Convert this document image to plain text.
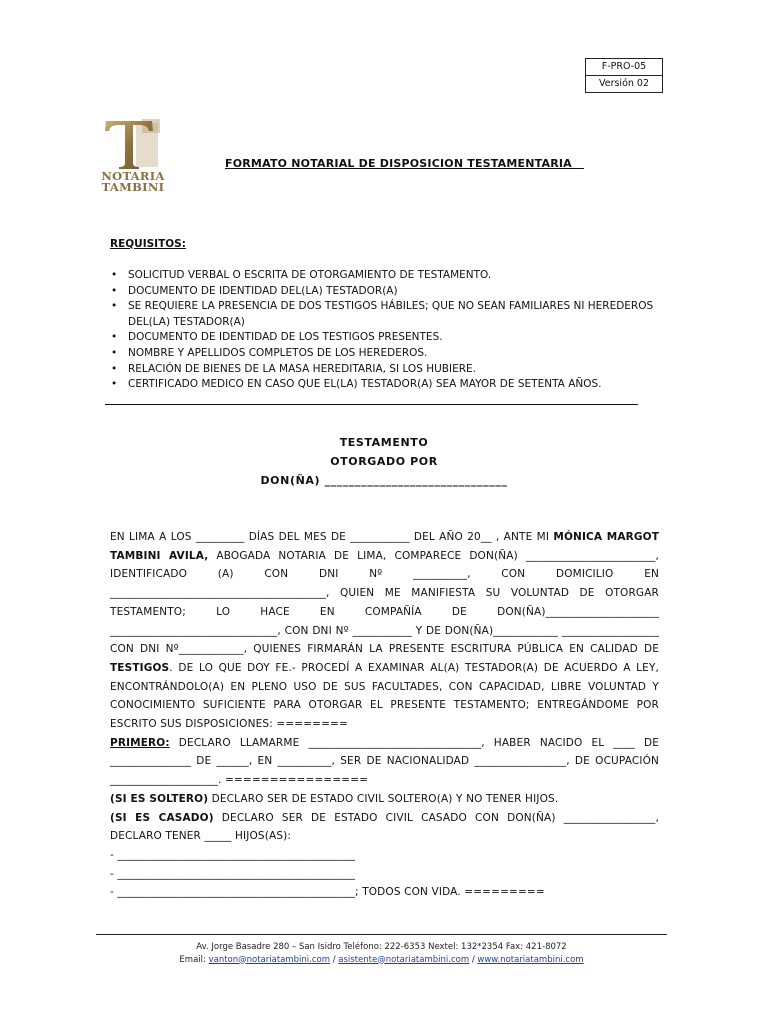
F-PRO-05
Versión 02
NOTARIA
TAMBINI
FORMATO NOTARIAL DE DISPOSICION TESTAMENTARIA
REQUISITOS:
• SOLICITUD VERBAL O ESCRITA DE OTORGAMIENTO DE TESTAMENTO.
• DOCUMENTO DE IDENTIDAD DEL(LA) TESTADOR(A)
• SE REQUIERE LA PRESENCIA DE DOS TESTIGOS HÁBILES; QUE NO SEAN FAMILIARES NI HEREDEROS DEL(LA) TESTADOR(A)
• DOCUMENTO DE IDENTIDAD DE LOS TESTIGOS PRESENTES.
• NOMBRE Y APELLIDOS COMPLETOS DE LOS HEREDEROS.
• RELACIÓN DE BIENES DE LA MASA HEREDITARIA, SI LOS HUBIERE.
• CERTIFICADO MEDICO EN CASO QUE EL(LA) TESTADOR(A) SEA MAYOR DE SETENTA AÑOS.
TESTAMENTO
OTORGADO POR
DON(ÑA) ______________________________

EN LIMA A LOS _________ DÍAS DEL MES DE ___________ DEL AÑO 20__ , ANTE MI MÓNICA MARGOT TAMBINI AVILA, ABOGADA NOTARIA DE LIMA, COMPARECE DON(ÑA) ________________________, IDENTIFICADO (A) CON DNI Nº __________, CON DOMICILIO EN ________________________________________, QUIEN ME MANIFIESTA SU VOLUNTAD DE OTORGAR TESTAMENTO; LO HACE EN COMPAÑÍA DE DON(ÑA)_____________________ _______________________________, CON DNI Nº ___________ Y DE DON(ÑA)____________ __________________ CON DNI Nº____________, QUIENES FIRMARÁN LA PRESENTE ESCRITURA PÚBLICA EN CALIDAD DE TESTIGOS. DE LO QUE DOY FE.- PROCEDÍ A EXAMINAR AL(A) TESTADOR(A) DE ACUERDO A LEY, ENCONTRÁNDOLO(A) EN PLENO USO DE SUS FACULTADES, CON CAPACIDAD, LIBRE VOLUNTAD Y CONOCIMIENTO SUFICIENTE PARA OTORGAR EL PRESENTE TESTAMENTO; ENTREGÁNDOME POR ESCRITO SUS DISPOSICIONES: ========

PRIMERO: DECLARO LLAMARME ________________________________, HABER NACIDO EL ____ DE _______________ DE ______, EN __________, SER DE NACIONALIDAD _________________, DE OCUPACIÓN ____________________. ================

(SI ES SOLTERO) DECLARO SER DE ESTADO CIVIL SOLTERO(A) Y NO TENER HIJOS.

(SI ES CASADO) DECLARO SER DE ESTADO CIVIL CASADO CON DON(ÑA) _________________, DECLARO TENER _____ HIJOS(AS):

- ____________________________________________

- ____________________________________________

- ____________________________________________; TODOS CON VIDA. =========

Av. Jorge Basadre 280 – San Isidro Teléfono: 222-6353 Nextel: 132*2354 Fax: 421-8072
Email: vanton@notariatambini.com / asistente@notariatambini.com / www.notariatambini.com
